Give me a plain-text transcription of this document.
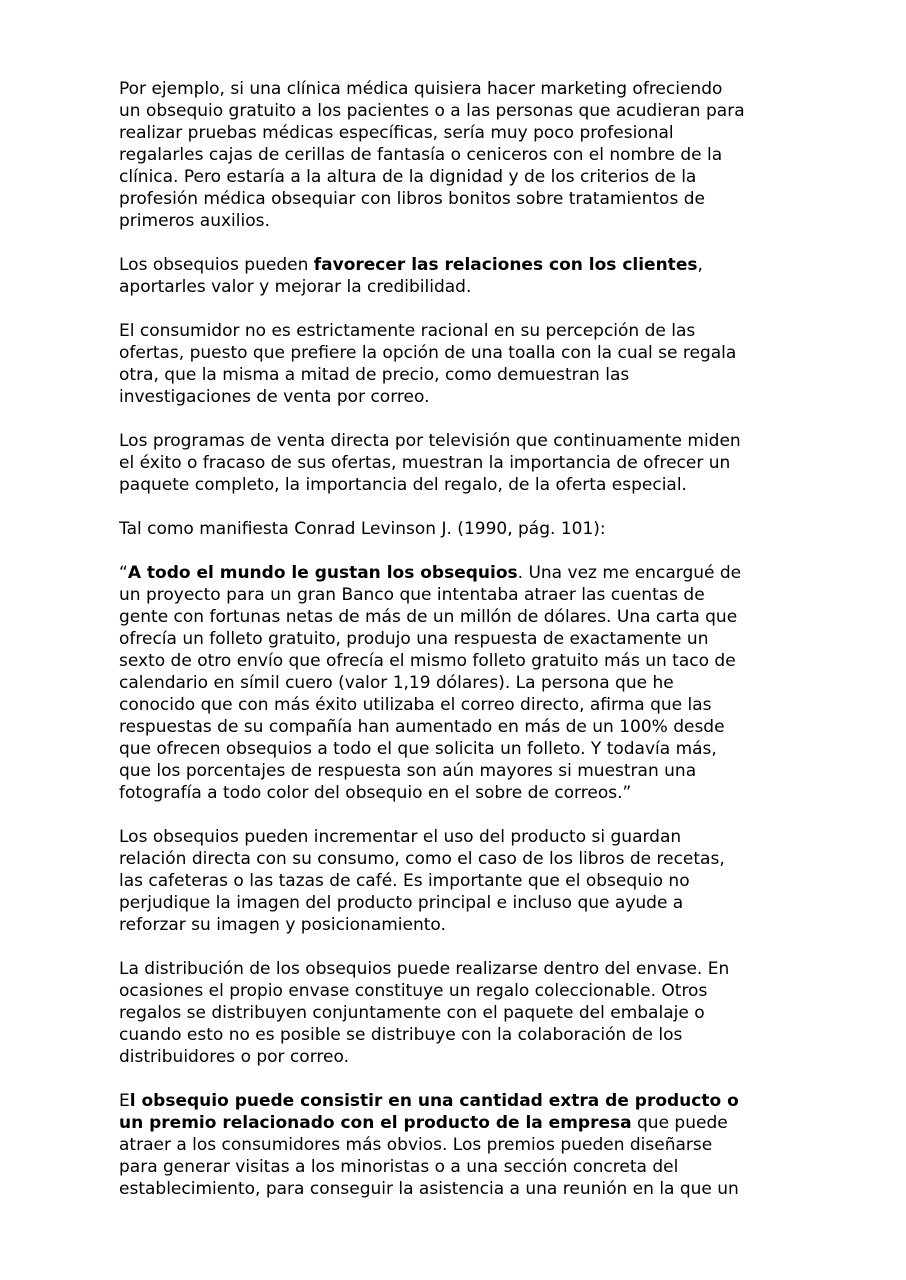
Por ejemplo, si una clínica médica quisiera hacer marketing ofreciendo
un obsequio gratuito a los pacientes o a las personas que acudieran para
realizar pruebas médicas específicas, sería muy poco profesional
regalarles cajas de cerillas de fantasía o ceniceros con el nombre de la
clínica. Pero estaría a la altura de la dignidad y de los criterios de la
profesión médica obsequiar con libros bonitos sobre tratamientos de
primeros auxilios.

Los obsequios pueden favorecer las relaciones con los clientes,
aportarles valor y mejorar la credibilidad.

El consumidor no es estrictamente racional en su percepción de las
ofertas, puesto que prefiere la opción de una toalla con la cual se regala
otra, que la misma a mitad de precio, como demuestran las
investigaciones de venta por correo.

Los programas de venta directa por televisión que continuamente miden
el éxito o fracaso de sus ofertas, muestran la importancia de ofrecer un
paquete completo, la importancia del regalo, de la oferta especial.

Tal como manifiesta Conrad Levinson J. (1990, pág. 101):

“A todo el mundo le gustan los obsequios. Una vez me encargué de
un proyecto para un gran Banco que intentaba atraer las cuentas de
gente con fortunas netas de más de un millón de dólares. Una carta que
ofrecía un folleto gratuito, produjo una respuesta de exactamente un
sexto de otro envío que ofrecía el mismo folleto gratuito más un taco de
calendario en símil cuero (valor 1,19 dólares). La persona que he
conocido que con más éxito utilizaba el correo directo, afirma que las
respuestas de su compañía han aumentado en más de un 100% desde
que ofrecen obsequios a todo el que solicita un folleto. Y todavía más,
que los porcentajes de respuesta son aún mayores si muestran una
fotografía a todo color del obsequio en el sobre de correos.”

Los obsequios pueden incrementar el uso del producto si guardan
relación directa con su consumo, como el caso de los libros de recetas,
las cafeteras o las tazas de café. Es importante que el obsequio no
perjudique la imagen del producto principal e incluso que ayude a
reforzar su imagen y posicionamiento.

La distribución de los obsequios puede realizarse dentro del envase. En
ocasiones el propio envase constituye un regalo coleccionable. Otros
regalos se distribuyen conjuntamente con el paquete del embalaje o
cuando esto no es posible se distribuye con la colaboración de los
distribuidores o por correo.

El obsequio puede consistir en una cantidad extra de producto o
un premio relacionado con el producto de la empresa que puede
atraer a los consumidores más obvios. Los premios pueden diseñarse
para generar visitas a los minoristas o a una sección concreta del
establecimiento, para conseguir la asistencia a una reunión en la que un
